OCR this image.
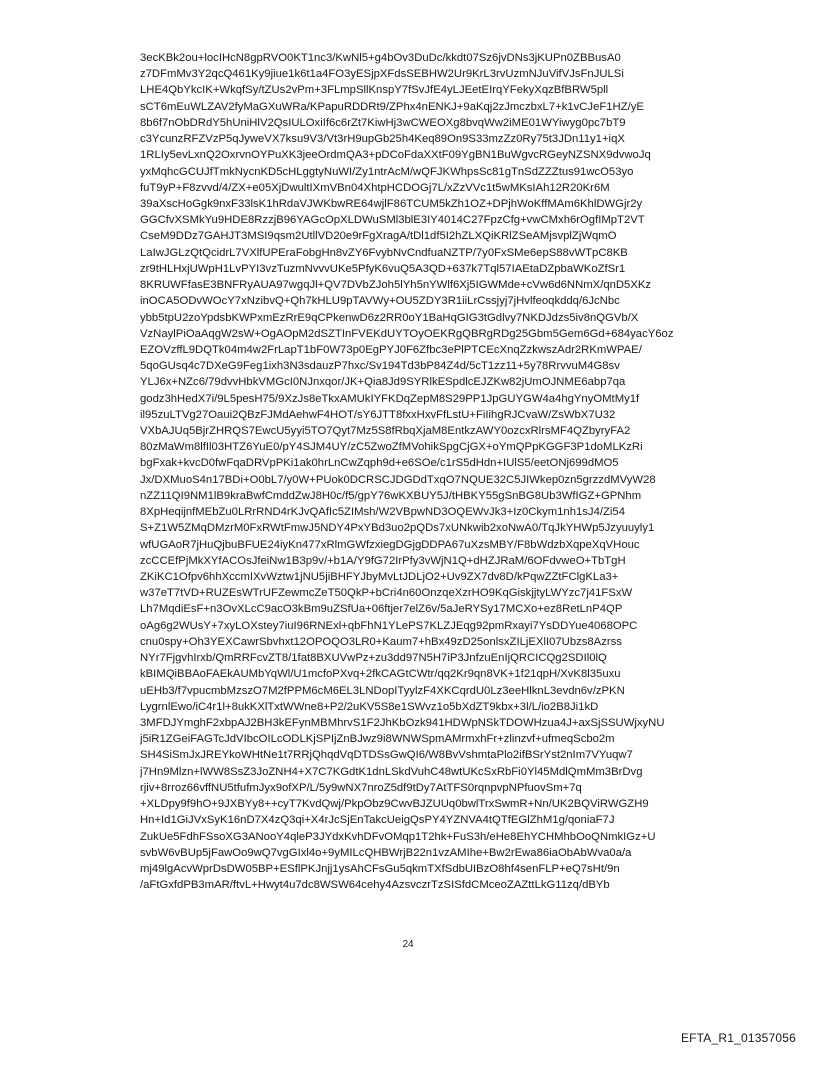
3ecKBk2ou+locIHcN8gpRVO0KT1nc3/KwNl5+g4bOv3DuDc/kkdt07Sz6jvDNs3jKUPn0ZBBusA0
z7DFmMv3Y2qcQ461Ky9jiue1k6t1a4FO3yESjpXFdsSEBHW2Ur9KrL3rvUzmNJuVifVJsFnJULSi
LHE4QbYkcIK+WkqfSy/tZUs2vPm+3FLmpSllKnspY7fSvJfE4yLJEetEIrqYFekyXqzBfBRW5pll
sCT6mEuWLZAV2fyMaGXuWRa/KPapuRDDRt9/ZPhx4nENKJ+9aKqj2zJmczbxL7+k1vCJeF1HZ/yE
8b6f7nObDRdY5hUniHlV2QsIULOxiIf6c6rZt7KiwHj3wCWEOXg8bvqWw2iME01WYiwyg0pc7bT9
c3YcunzRFZVzP5qJyweVX7ksu9V3/Vt3rH9upGb25h4Keq89On9S33mzZz0Ry75t3JDn11y1+iqX
1RLIy5evLxnQ2OxrvnOYPuXK3jeeOrdmQA3+pDCoFdaXXtF09YgBN1BuWgvcRGeyNZSNX9dvwoJq
yxMqhcGCUJfTmkNycnKD5cHLggtyNuWI/Zy1ntrAcM/wQFJKWhpsSc81gTnSdZZZtus91wcO53yo
fuT9yP+F8zvvd/4/ZX+e05XjDwultIXmVBn04XhtpHCDOGj7L/xZzVVc1t5wMKsIAh12R20Kr6M
39aXscHoGgk9nxF33lsK1hRdaVJWKbwRE64wjlF86TCUM5kZh1OZ+DPjhWoKffMAm6KhlDWGjr2y
GGCfvXSMkYu9HDE8RzzjB96YAGcOpXLDWuSMl3blE3IY4014C27FpzCfg+vwCMxh6rOgfIMpT2VT
CseM9DDz7GAHJT3MSI9qsm2UtllVD20e9rFgXragA/tDl1df5I2hZLXQiKRlZSeAMjsvplZjWqmO
LaIwJGLzQtQcidrL7VXlfUPEraFobgHn8vZY6FvybNvCndfuaNZTP/7y0FxSMe6epS88vWTpC8KB
zr9tHLHxjUWpH1LvPYI3vzTuzmNvvvUKe5PfyK6vuQ5A3QD+637k7Tql57IAEtaDZpbaWKoZfSr1
8KRUWFfasE3BNFRyAUA97wgqJl+QV7DVbZJoh5lYh5nYWlf6Xj5IGWMde+cVw6d6NNmX/qnD5XKz
inOCA5ODvWOcY7xNzibvQ+Qh7kHLU9pTAVWy+OU5ZDY3R1iiLrCssjyj7jHvlfeoqkddq/6JcNbc
ybb5tpU2zoYpdsbKWPxmEzRrE9qCPkenwD6z2RR0oY1BaHqGIG3tGdlvy7NKDJdzs5iv8nQGVb/X
VzNaylPiOaAqgW2sW+OgAOpM2dSZTInFVEKdUYTOyOEKRgQBRgRDg25Gbm5Gem6Gd+684yacY6oz
EZOVzffL9DQTk04m4w2FrLapT1bF0W73p0EgPYJ0F6Zfbc3ePlPTCEcXnqZzkwszAdr2RKmWPAE/
5qoGUsq4c7DXeG9Feg1ixh3N3sdauzP7hxc/Sv194Td3bP84Z4d/5cT1zz11+5y78RrvvuM4G8sv
YLJ6x+NZc6/79dvvHbkVMGcI0NJnxqor/JK+Qia8Jd9SYRlkESpdlcEJZKw82jUmOJNME6abp7qa
godz3hHedX7i/9L5pesH75/9XzJs8eTkxAMUkIYFKDqZepM8S29PP1JpGUYGW4a4hgYnyOMtMy1f
il95zuLTVg27Oaui2QBzFJMdAehwF4HOT/sY6JTT8fxxHxvFfLstU+FiIihgRJCvaW/ZsWbX7U32
VXbAJUq5BjrZHRQS7EwcU5yyi5TO7Qyt7Mz5S8fRbqXjaM8EntkzAWY0ozcxRlrsMF4QZbyryFA2
80zMaWm8lfIl03HTZ6YuE0/pY4SJM4UY/zC5ZwoZfMVohikSpgCjGX+oYmQPpKGGF3P1doMLKzRi
bgFxak+kvcD0fwFqaDRVpPKi1ak0hrLnCwZqph9d+e6SOe/c1rS5dHdn+IUlS5/eetONj699dMO5
Jx/DXMuoS4n17BDi+O0bL7/y0W+PUok0DCRSCJDGDdTxqO7NQUE32C5JIWkep0zn5grzzdMVyW28
nZZ11QI9NM1lB9kraBwfCmddZwJ8H0c/f5/gpY76wKXBUY5J/tHBKY55gSnBG8Ub3WfIGZ+GPNhm
8XpHeqijnfMEbZu0LRrRND4rKJvQAfIc5ZIMsh/W2VBpwND3OQEWvJk3+Iz0Ckym1nh1sJ4/Zi54
S+Z1W5ZMqDMzrM0FxRWtFmwJ5NDY4PxYBd3uo2pQDs7xUNkwib2xoNwA0/TqJkYHWp5Jzyuuyly1
wfUGAoR7jHuQjbuBFUE24iyKn477xRlmGWfzxiegDGjgDDPA67uXzsMBY/F8bWdzbXqpeXqVHouc
zcCCEfPjMkXYfACOsJfeiNw1B3p9v/+b1A/Y9fG72IrPfy3vWjN1Q+dHZJRaM/6OFdvweO+TbTgH
ZKiKC1Ofpv6hhXccmIXvWztw1jNU5jiBHFYJbyMvLtJDLjO2+Uv9ZX7dv8D/kPqwZZtFClgKLa3+
w37eT7tVD+RUZEsWTrUFZewmcZeT50QkP+bCri4n60OnzqeXzrHO9KqGiskjjtyLWYzc7j41FSxW
Lh7MqdiEsF+n3OvXLcC9acO3kBm9uZSfUa+06ftjer7elZ6v/5aJeRYSy17MCXo+ez8RetLnP4QP
oAg6g2WUsY+7xyLOXstey7iuI96RNExl+qbFhN1YLePS7KLZJEqg92pmRxayi7YsDDYue4068OPC
cnu0spy+Oh3YEXCawrSbvhxt12OPOQO3LR0+Kaum7+hBx49zD25onlsxZILjEXlI07Ubzs8Azrss
NYr7FjgvhIrxb/QmRRFcvZT8/1fat8BXUVwPz+zu3dd97N5H7iP3JnfzuEnIjQRCICQg2SDIl0lQ
kBIMQiBBAoFAEkAUMbYqWl/U1mcfoPXvq+2fkCAGtCWtr/qq2Kr9qn8VK+1f21qpH/XvK8l35uxu
uEHb3/f7vpucmbMzszO7M2fPPM6cM6EL3LNDopITyylzF4XKCqrdU0Lz3eeHlknL3evdn6v/zPKN
LygrnlEwo/iC4r1l+8ukKXlTxtWWne8+P2/2uKV5S8e1SWvz1o5bXdZT9kbx+3l/L/io2B8Ji1kD
3MFDJYmghF2xbpAJ2BH3kEFynMBMhrvS1F2JhKbOzk941HDWpNSkTDOWHzua4J+axSjSSUWjxyNU
j5iR1ZGeiFAGTcJdVIbcOILcODLKjSPIjZnBJwz9i8WNWSpmAMrmxhFr+zlinzvf+ufmeqScbo2m
SH4SiSmJxJREYkoWHtNe1t7RRjQhqdVqDTDSsGwQI6/W8BvVshmtaPlo2ifBSrYst2nIm7VYuqw7
j7Hn9Mlzn+lWW8SsZ3JoZNH4+X7C7KGdtK1dnLSkdVuhC48wtUKcSxRbFi0Yl45MdlQmMm3BrDvg
rjiv+8rroz66vffNU5tfufmJyx9ofXP/L/5y9wNX7nroZ5df9tDy7AtTFS0rqnpvpNPfuovSm+7q
+XLDpy9f9hO+9JXBYy8++cyT7KvdQwj/PkpObz9CwvBJZUUq0bwlTrxSwmR+Nn/UK2BQViRWGZH9
Hn+Id1GiJVxSyK16nD7X4zQ3qi+X4rJcSjEnTakcUeigQsPY4YZNVA4tQTfEGlZhM1g/qoniaF7J
ZukUe5FdhFSsoXG3ANooY4qleP3JYdxKvhDFvOMqp1T2hk+FuS3h/eHe8EhYCHMhbOoQNmkIGz+U
svbW6vBUp5jFawOo9wQ7vgGIxl4o+9yMILcQHBWrjB22n1vzAMIhe+Bw2rEwa86iaObAbWva0a/a
mj49lgAcvWprDsDW05BP+ESflPKJnjj1ysAhCFsGu5qkmTXfSdbUIBzO8hf4senFLP+eQ7sHt/9n
/aFtGxfdPB3mAR/ftvL+Hwyt4u7dc8WSW64cehy4AzsvczrTzSISfdCMceoZAZttLkG11zq/dBYb
24
EFTA_R1_01357056
